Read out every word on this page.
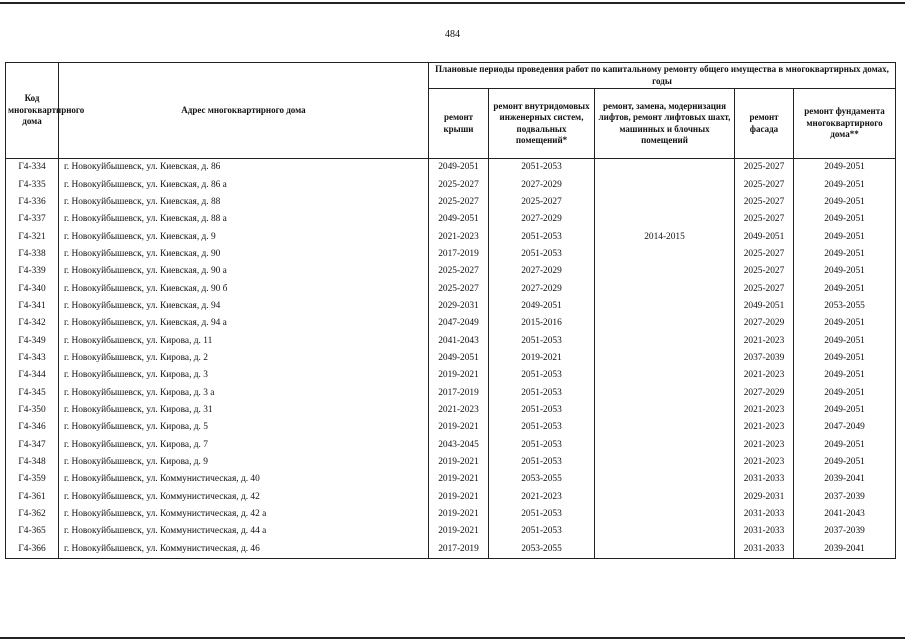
484
Код многоквартирного дома	Адрес многоквартирного дома	Плановые периоды проведения работ по капитальному ремонту общего имущества в многоквартирных домах, годы				
		ремонт крыши	ремонт внутридомовых инженерных систем, подвальных помещений*	ремонт, замена, модернизация лифтов, ремонт лифтовых шахт, машинных и блочных помещений	ремонт фасада	ремонт фундамента многоквартирного дома**
Г4-334	г. Новокуйбышевск, ул. Киевская, д. 86	2049-2051	2051-2053		2025-2027	2049-2051
Г4-335	г. Новокуйбышевск, ул. Киевская, д. 86 а	2025-2027	2027-2029		2025-2027	2049-2051
Г4-336	г. Новокуйбышевск, ул. Киевская, д. 88	2025-2027	2025-2027		2025-2027	2049-2051
Г4-337	г. Новокуйбышевск, ул. Киевская, д. 88 а	2049-2051	2027-2029		2025-2027	2049-2051
Г4-321	г. Новокуйбышевск, ул. Киевская, д. 9	2021-2023	2051-2053	2014-2015	2049-2051	2049-2051
Г4-338	г. Новокуйбышевск, ул. Киевская, д. 90	2017-2019	2051-2053		2025-2027	2049-2051
Г4-339	г. Новокуйбышевск, ул. Киевская, д. 90 а	2025-2027	2027-2029		2025-2027	2049-2051
Г4-340	г. Новокуйбышевск, ул. Киевская, д. 90 б	2025-2027	2027-2029		2025-2027	2049-2051
Г4-341	г. Новокуйбышевск, ул. Киевская, д. 94	2029-2031	2049-2051		2049-2051	2053-2055
Г4-342	г. Новокуйбышевск, ул. Киевская, д. 94 а	2047-2049	2015-2016		2027-2029	2049-2051
Г4-349	г. Новокуйбышевск, ул. Кирова, д. 11	2041-2043	2051-2053		2021-2023	2049-2051
Г4-343	г. Новокуйбышевск, ул. Кирова, д. 2	2049-2051	2019-2021		2037-2039	2049-2051
Г4-344	г. Новокуйбышевск, ул. Кирова, д. 3	2019-2021	2051-2053		2021-2023	2049-2051
Г4-345	г. Новокуйбышевск, ул. Кирова, д. 3 а	2017-2019	2051-2053		2027-2029	2049-2051
Г4-350	г. Новокуйбышевск, ул. Кирова, д. 31	2021-2023	2051-2053		2021-2023	2049-2051
Г4-346	г. Новокуйбышевск, ул. Кирова, д. 5	2019-2021	2051-2053		2021-2023	2047-2049
Г4-347	г. Новокуйбышевск, ул. Кирова, д. 7	2043-2045	2051-2053		2021-2023	2049-2051
Г4-348	г. Новокуйбышевск, ул. Кирова, д. 9	2019-2021	2051-2053		2021-2023	2049-2051
Г4-359	г. Новокуйбышевск, ул. Коммунистическая, д. 40	2019-2021	2053-2055		2031-2033	2039-2041
Г4-361	г. Новокуйбышевск, ул. Коммунистическая, д. 42	2019-2021	2021-2023		2029-2031	2037-2039
Г4-362	г. Новокуйбышевск, ул. Коммунистическая, д. 42 а	2019-2021	2051-2053		2031-2033	2041-2043
Г4-365	г. Новокуйбышевск, ул. Коммунистическая, д. 44 а	2019-2021	2051-2053		2031-2033	2037-2039
Г4-366	г. Новокуйбышевск, ул. Коммунистическая, д. 46	2017-2019	2053-2055		2031-2033	2039-2041
